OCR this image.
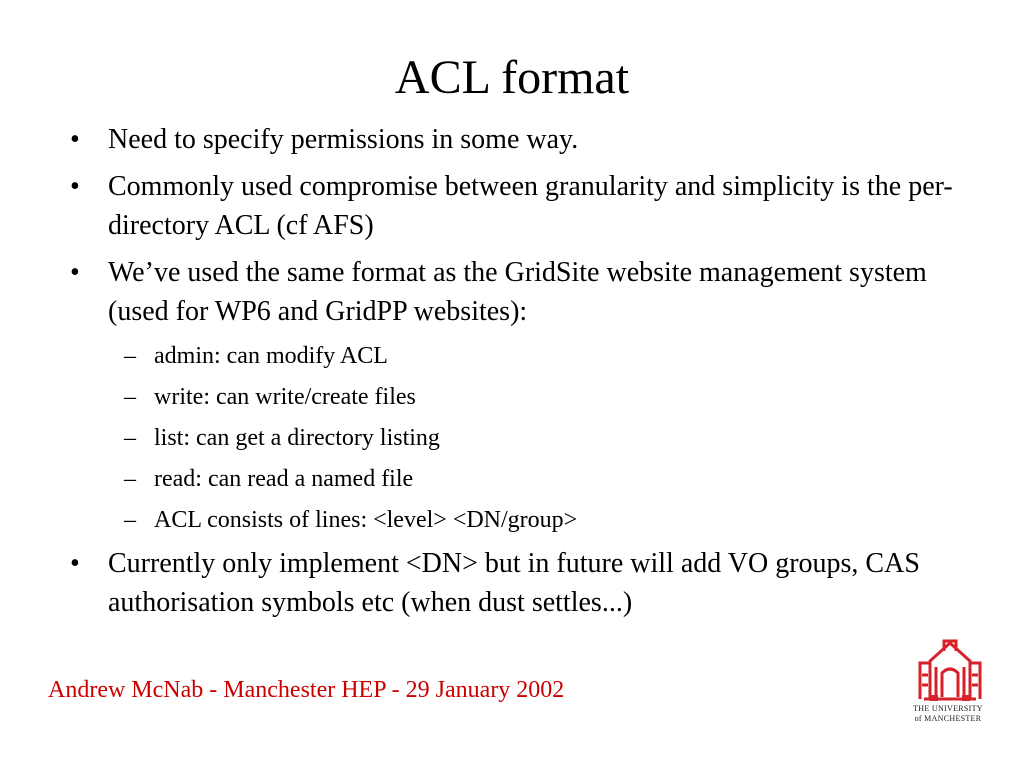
ACL format
• Need to specify permissions in some way.
• Commonly used compromise between granularity and simplicity is the per-directory ACL (cf AFS)
• We’ve used the same format as the GridSite website management system (used for WP6 and GridPP websites):
– admin: can modify ACL
– write: can write/create files
– list: can get a directory listing
– read: can read a named file
– ACL consists of lines: <level> <DN/group>
• Currently only implement <DN> but in future will add VO groups, CAS authorisation symbols etc (when dust settles...)
Andrew McNab - Manchester HEP - 29 January 2002
THE UNIVERSITY
of MANCHESTER
